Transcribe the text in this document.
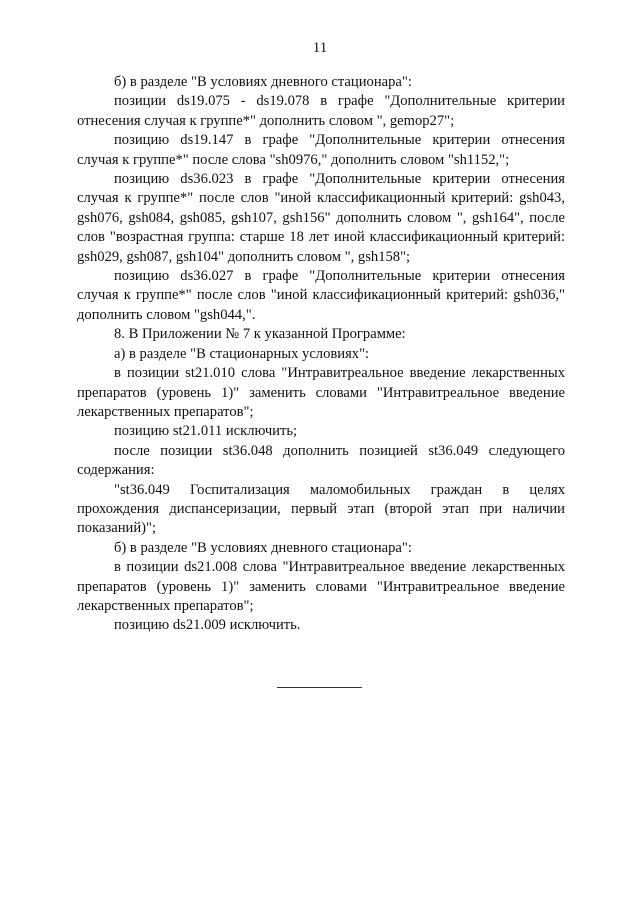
11

б) в разделе "В условиях дневного стационара":

позиции ds19.075 - ds19.078 в графе "Дополнительные критерии отнесения случая к группе*" дополнить словом ", gemop27";

позицию ds19.147 в графе "Дополнительные критерии отнесения случая к группе*" после слова "sh0976," дополнить словом "sh1152,";

позицию ds36.023 в графе "Дополнительные критерии отнесения случая к группе*" после слов "иной классификационный критерий: gsh043, gsh076, gsh084, gsh085, gsh107, gsh156" дополнить словом ", gsh164", после слов "возрастная группа: старше 18 лет иной классификационный критерий: gsh029, gsh087, gsh104" дополнить словом ", gsh158";

позицию ds36.027 в графе "Дополнительные критерии отнесения случая к группе*" после слов "иной классификационный критерий: gsh036," дополнить словом "gsh044,".

8. В Приложении № 7 к указанной Программе:

а) в разделе "В стационарных условиях":

в позиции st21.010 слова "Интравитреальное введение лекарственных препаратов (уровень 1)" заменить словами "Интравитреальное введение лекарственных препаратов";

позицию st21.011 исключить;

после позиции st36.048 дополнить позицией st36.049 следующего содержания:

"st36.049 Госпитализация маломобильных граждан в целях прохождения диспансеризации, первый этап (второй этап при наличии показаний)";

б) в разделе "В условиях дневного стационара":

в позиции ds21.008 слова "Интравитреальное введение лекарственных препаратов (уровень 1)" заменить словами "Интравитреальное введение лекарственных препаратов";

позицию ds21.009 исключить.
